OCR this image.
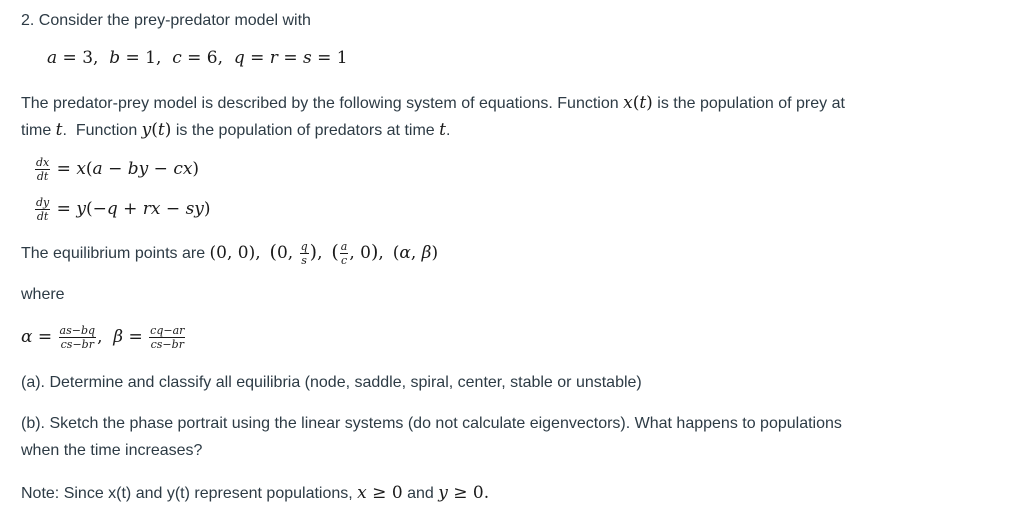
2. Consider the prey-predator model with
a = 3,  b = 1,  c = 6,  q = r = s = 1
The predator-prey model is described by the following system of equations. Function x(t) is the population of prey at
time t.  Function y(t) is the population of predators at time t.
$\frac{dx}{dt} = x(a$ − by − cx)
$\frac{dy}{dt} = y(-q$ + rx − sy)
The equilibrium points are (0, 0), (0, $\frac{q}{s}$ ), ( $\frac{a}{c}$ , 0), (α, β)
where
$\alpha = \frac{as-bq}{cs-br}$ ,  $\beta = \frac{cq-ar}{cs-br}$
(a). Determine and classify all equilibria (node, saddle, spiral, center, stable or unstable)
(b). Sketch the phase portrait using the linear systems (do not calculate eigenvectors). What happens to populations
when the time increases?
Note: Since x(t) and y(t) represent populations, x ≥ 0 and y ≥ 0.
